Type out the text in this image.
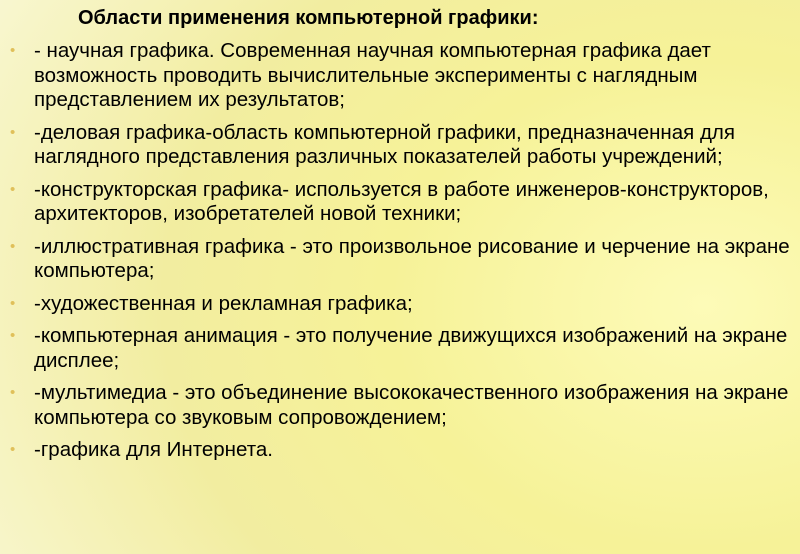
Области применения компьютерной графики:
• - научная графика. Современная научная компьютерная графика дает возможность проводить вычислительные эксперименты с наглядным представлением их результатов;
• -деловая графика-область компьютерной графики, предназначенная для наглядного представления различных показателей работы учреждений;
• -конструкторская графика- используется в работе инженеров-конструкторов, архитекторов, изобретателей новой техники;
• -иллюстративная графика - это произвольное рисование и черчение на экране компьютера;
• -художественная и рекламная графика;
• -компьютерная анимация - это получение движущихся изображений на экране дисплее;
• -мультимедиа - это объединение высококачественного изображения на экране компьютера со звуковым сопровождением;
• -графика для Интернета.
